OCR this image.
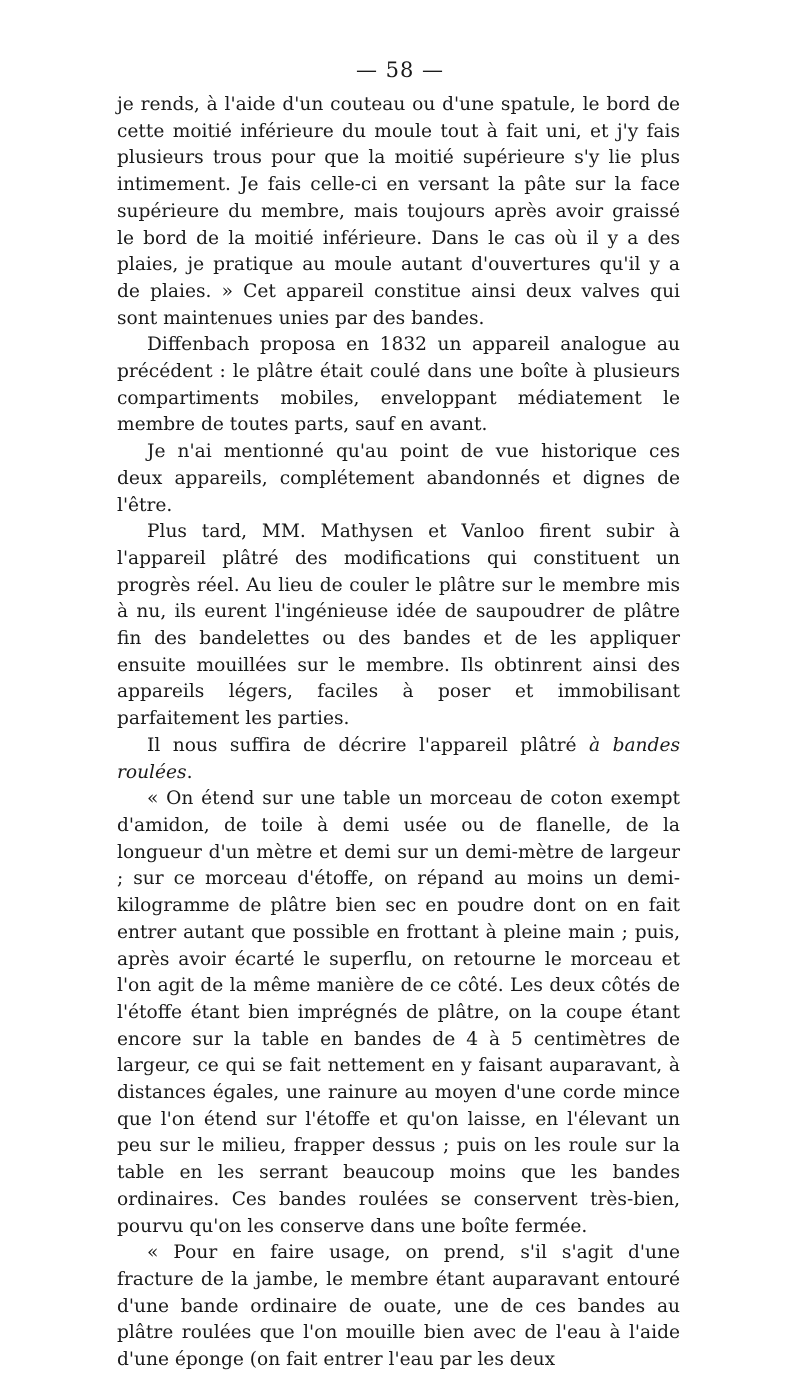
— 58 —

je rends, à l'aide d'un couteau ou d'une spatule, le bord de cette moitié inférieure du moule tout à fait uni, et j'y fais plusieurs trous pour que la moitié supérieure s'y lie plus intimement. Je fais celle-ci en versant la pâte sur la face supérieure du membre, mais toujours après avoir graissé le bord de la moitié inférieure. Dans le cas où il y a des plaies, je pratique au moule autant d'ouvertures qu'il y a de plaies. » Cet appareil constitue ainsi deux valves qui sont maintenues unies par des bandes.

Diffenbach proposa en 1832 un appareil analogue au précédent : le plâtre était coulé dans une boîte à plusieurs compartiments mobiles, enveloppant médiatement le membre de toutes parts, sauf en avant.

Je n'ai mentionné qu'au point de vue historique ces deux appareils, complétement abandonnés et dignes de l'être.

Plus tard, MM. Mathysen et Vanloo firent subir à l'appareil plâtré des modifications qui constituent un progrès réel. Au lieu de couler le plâtre sur le membre mis à nu, ils eurent l'ingénieuse idée de saupoudrer de plâtre fin des bandelettes ou des bandes et de les appliquer ensuite mouillées sur le membre. Ils obtinrent ainsi des appareils légers, faciles à poser et immobilisant parfaitement les parties.

Il nous suffira de décrire l'appareil plâtré à bandes roulées.

« On étend sur une table un morceau de coton exempt d'amidon, de toile à demi usée ou de flanelle, de la longueur d'un mètre et demi sur un demi-mètre de largeur ; sur ce morceau d'étoffe, on répand au moins un demi-kilogramme de plâtre bien sec en poudre dont on en fait entrer autant que possible en frottant à pleine main ; puis, après avoir écarté le superflu, on retourne le morceau et l'on agit de la même manière de ce côté. Les deux côtés de l'étoffe étant bien imprégnés de plâtre, on la coupe étant encore sur la table en bandes de 4 à 5 centimètres de largeur, ce qui se fait nettement en y faisant auparavant, à distances égales, une rainure au moyen d'une corde mince que l'on étend sur l'étoffe et qu'on laisse, en l'élevant un peu sur le milieu, frapper dessus ; puis on les roule sur la table en les serrant beaucoup moins que les bandes ordinaires. Ces bandes roulées se conservent très-bien, pourvu qu'on les conserve dans une boîte fermée.

« Pour en faire usage, on prend, s'il s'agit d'une fracture de la jambe, le membre étant auparavant entouré d'une bande ordinaire de ouate, une de ces bandes au plâtre roulées que l'on mouille bien avec de l'eau à l'aide d'une éponge (on fait entrer l'eau par les deux
